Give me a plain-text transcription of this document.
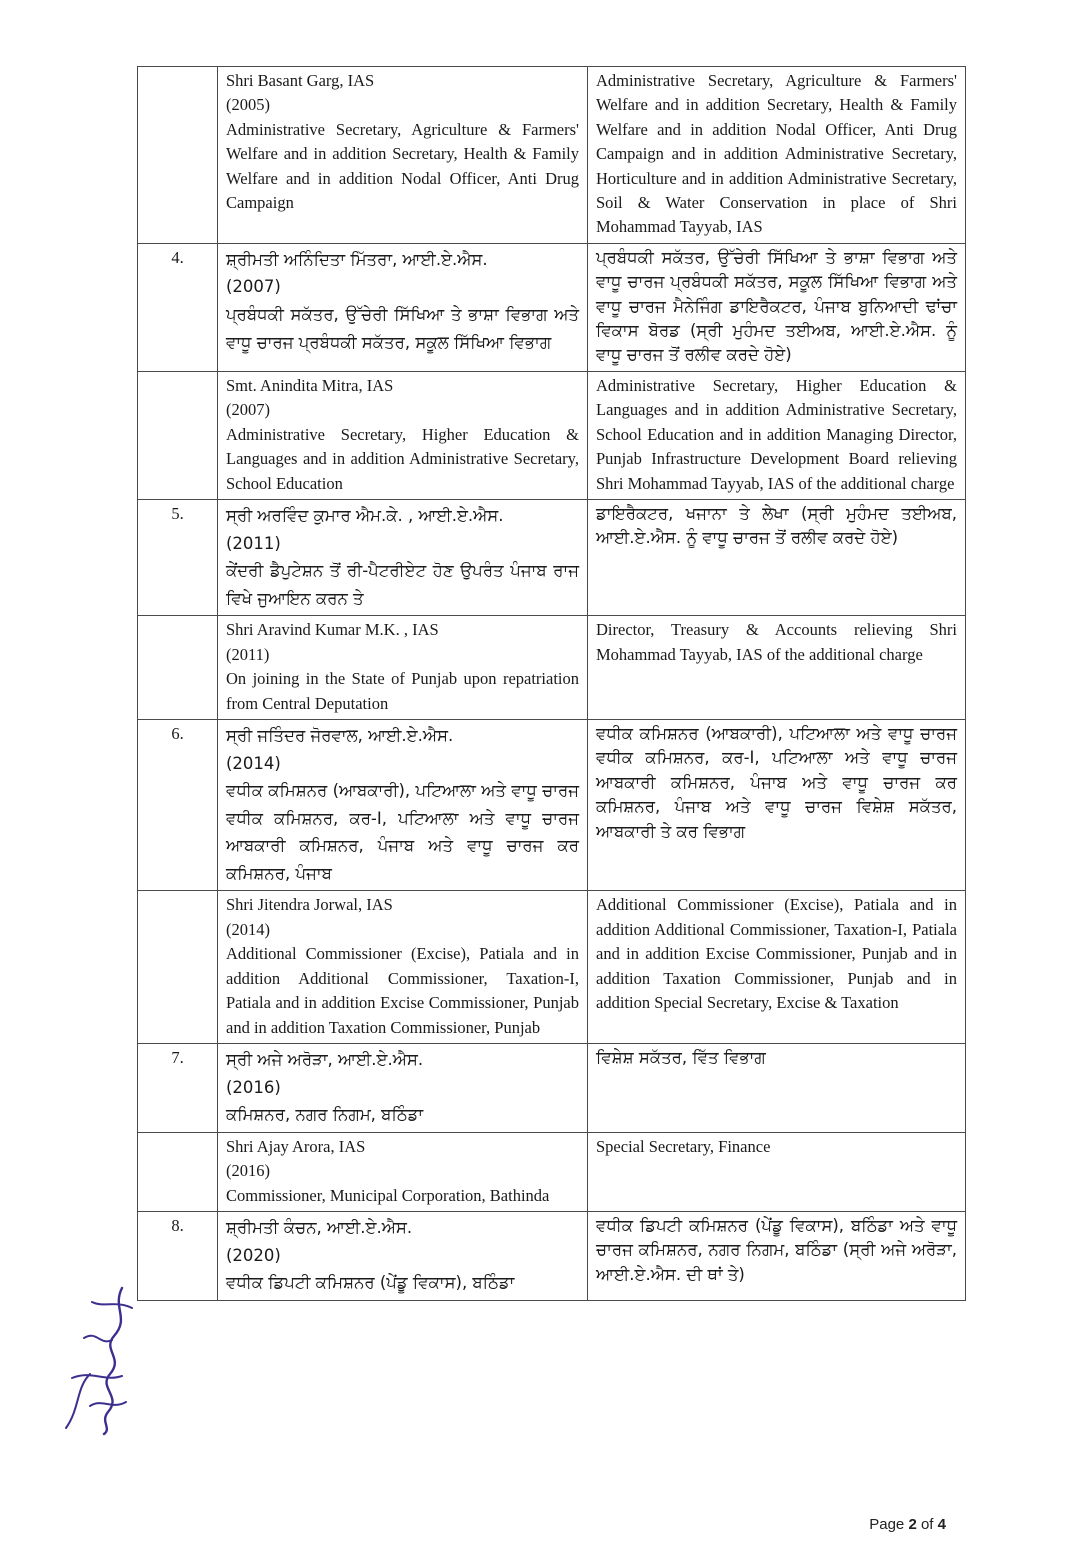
Shri Basant Garg, IAS
(2005)
Administrative Secretary, Agriculture & Farmers' Welfare and in addition Secretary, Health & Family Welfare and in addition Nodal Officer, Anti Drug Campaign
	Administrative Secretary, Agriculture & Farmers' Welfare and in addition Secretary, Health & Family Welfare and in addition Nodal Officer, Anti Drug Campaign and in addition Administrative Secretary, Horticulture and in addition Administrative Secretary, Soil & Water Conservation in place of Shri Mohammad Tayyab, IAS
4.	ਸ਼੍ਰੀਮਤੀ ਅਨਿੰਦਿਤਾ ਮਿੱਤਰਾ, ਆਈ.ਏ.ਐਸ.
(2007)
ਪ੍ਰਬੰਧਕੀ ਸਕੱਤਰ, ਉੱਚੇਰੀ ਸਿੱਖਿਆ ਤੇ ਭਾਸ਼ਾ ਵਿਭਾਗ ਅਤੇ ਵਾਧੂ ਚਾਰਜ ਪ੍ਰਬੰਧਕੀ ਸਕੱਤਰ, ਸਕੂਲ ਸਿੱਖਿਆ ਵਿਭਾਗ
	ਪ੍ਰਬੰਧਕੀ ਸਕੱਤਰ, ਉੱਚੇਰੀ ਸਿੱਖਿਆ ਤੇ ਭਾਸ਼ਾ ਵਿਭਾਗ ਅਤੇ ਵਾਧੂ ਚਾਰਜ ਪ੍ਰਬੰਧਕੀ ਸਕੱਤਰ, ਸਕੂਲ ਸਿੱਖਿਆ ਵਿਭਾਗ ਅਤੇ ਵਾਧੂ ਚਾਰਜ ਮੈਨੇਜਿੰਗ ਡਾਇਰੈਕਟਰ, ਪੰਜਾਬ ਬੁਨਿਆਦੀ ਢਾਂਚਾ ਵਿਕਾਸ ਬੋਰਡ (ਸ੍ਰੀ ਮੁਹੰਮਦ ਤਈਅਬ, ਆਈ.ਏ.ਐਸ. ਨੂੰ ਵਾਧੂ ਚਾਰਜ ਤੋਂ ਰਲੀਵ ਕਰਦੇ ਹੋਏ)

Smt. Anindita Mitra, IAS
(2007)
Administrative Secretary, Higher Education & Languages and in addition Administrative Secretary, School Education
	Administrative Secretary, Higher Education & Languages and in addition Administrative Secretary, School Education and in addition Managing Director, Punjab Infrastructure Development Board relieving Shri Mohammad Tayyab, IAS of the additional charge
5.	ਸ੍ਰੀ ਅਰਵਿੰਦ ਕੁਮਾਰ ਐਮ.ਕੇ. , ਆਈ.ਏ.ਐਸ.
(2011)
ਕੇਂਦਰੀ ਡੈਪੁਟੇਸ਼ਨ ਤੋਂ ਰੀ-ਪੈਟਰੀਏਟ ਹੋਣ ਉਪਰੰਤ ਪੰਜਾਬ ਰਾਜ ਵਿਖੇ ਜੁਆਇਨ ਕਰਨ ਤੇ
	ਡਾਇਰੈਕਟਰ, ਖਜਾਨਾ ਤੇ ਲੇਖਾ (ਸ੍ਰੀ ਮੁਹੰਮਦ ਤਈਅਬ, ਆਈ.ਏ.ਐਸ. ਨੂੰ ਵਾਧੂ ਚਾਰਜ ਤੋਂ ਰਲੀਵ ਕਰਦੇ ਹੋਏ)

Shri Aravind Kumar M.K. , IAS
(2011)
On joining in the State of Punjab upon repatriation from Central Deputation
	Director, Treasury & Accounts relieving Shri Mohammad Tayyab, IAS of the additional charge
6.	ਸ੍ਰੀ ਜਤਿੰਦਰ ਜੋਰਵਾਲ, ਆਈ.ਏ.ਐਸ.
(2014)
ਵਧੀਕ ਕਮਿਸ਼ਨਰ (ਆਬਕਾਰੀ), ਪਟਿਆਲਾ ਅਤੇ ਵਾਧੂ ਚਾਰਜ ਵਧੀਕ ਕਮਿਸ਼ਨਰ, ਕਰ-I, ਪਟਿਆਲਾ ਅਤੇ ਵਾਧੂ ਚਾਰਜ ਆਬਕਾਰੀ ਕਮਿਸ਼ਨਰ, ਪੰਜਾਬ ਅਤੇ ਵਾਧੂ ਚਾਰਜ ਕਰ ਕਮਿਸ਼ਨਰ, ਪੰਜਾਬ
	ਵਧੀਕ ਕਮਿਸ਼ਨਰ (ਆਬਕਾਰੀ), ਪਟਿਆਲਾ ਅਤੇ ਵਾਧੂ ਚਾਰਜ ਵਧੀਕ ਕਮਿਸ਼ਨਰ, ਕਰ-I, ਪਟਿਆਲਾ ਅਤੇ ਵਾਧੂ ਚਾਰਜ ਆਬਕਾਰੀ ਕਮਿਸ਼ਨਰ, ਪੰਜਾਬ ਅਤੇ ਵਾਧੂ ਚਾਰਜ ਕਰ ਕਮਿਸ਼ਨਰ, ਪੰਜਾਬ ਅਤੇ ਵਾਧੂ ਚਾਰਜ ਵਿਸ਼ੇਸ਼ ਸਕੱਤਰ, ਆਬਕਾਰੀ ਤੇ ਕਰ ਵਿਭਾਗ

Shri Jitendra Jorwal, IAS
(2014)
Additional Commissioner (Excise), Patiala and in addition Additional Commissioner, Taxation-I, Patiala and in addition Excise Commissioner, Punjab and in addition Taxation Commissioner, Punjab
	Additional Commissioner (Excise), Patiala and in addition Additional Commissioner, Taxation-I, Patiala and in addition Excise Commissioner, Punjab and in addition Taxation Commissioner, Punjab and in addition Special Secretary, Excise & Taxation
7.	ਸ੍ਰੀ ਅਜੇ ਅਰੋੜਾ, ਆਈ.ਏ.ਐਸ.
(2016)
ਕਮਿਸ਼ਨਰ, ਨਗਰ ਨਿਗਮ, ਬਠਿੰਡਾ
	ਵਿਸ਼ੇਸ਼ ਸਕੱਤਰ, ਵਿੱਤ ਵਿਭਾਗ

Shri Ajay Arora, IAS
(2016)
Commissioner, Municipal Corporation, Bathinda
	Special Secretary, Finance
8.	ਸ਼੍ਰੀਮਤੀ ਕੰਚਨ, ਆਈ.ਏ.ਐਸ.
(2020)
ਵਧੀਕ ਡਿਪਟੀ ਕਮਿਸ਼ਨਰ (ਪੇਂਡੂ ਵਿਕਾਸ), ਬਠਿੰਡਾ
	ਵਧੀਕ ਡਿਪਟੀ ਕਮਿਸ਼ਨਰ (ਪੇਂਡੂ ਵਿਕਾਸ), ਬਠਿੰਡਾ ਅਤੇ ਵਾਧੂ ਚਾਰਜ ਕਮਿਸ਼ਨਰ, ਨਗਰ ਨਿਗਮ, ਬਠਿੰਡਾ (ਸ੍ਰੀ ਅਜੇ ਅਰੋੜਾ, ਆਈ.ਏ.ਐਸ. ਦੀ ਥਾਂ ਤੇ)
Page 2 of 4
